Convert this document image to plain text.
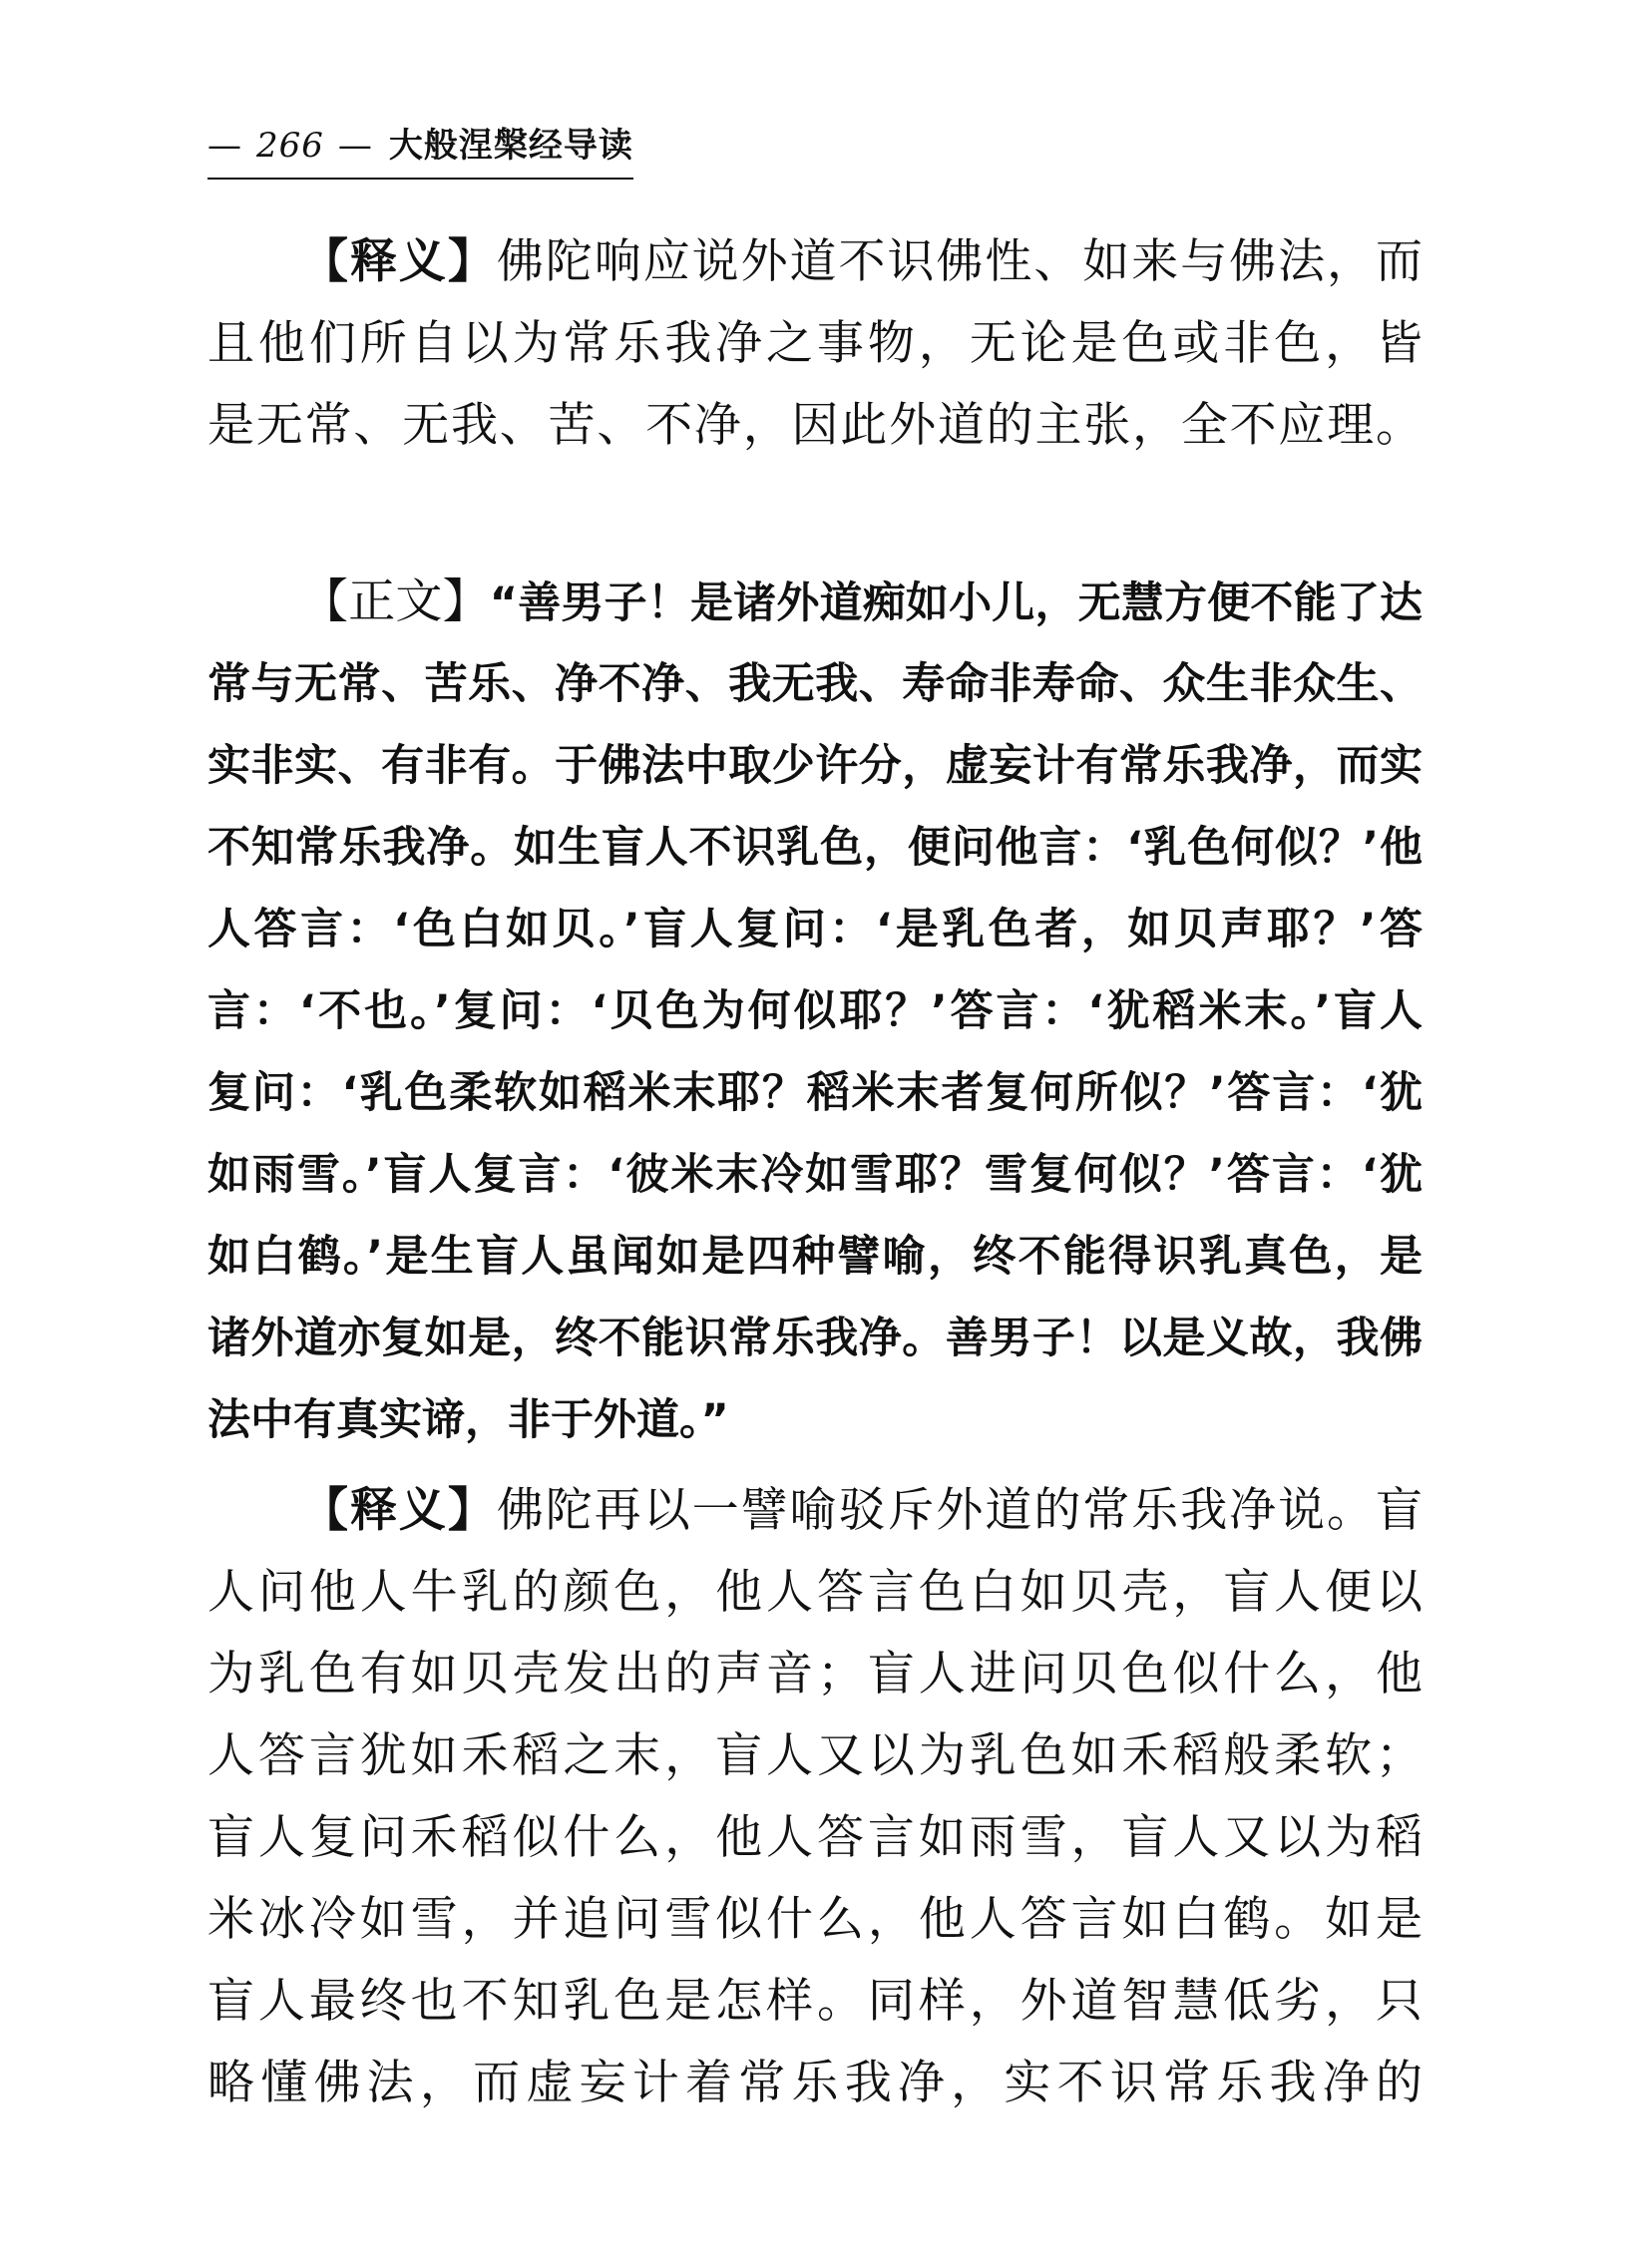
— 266 — 大般涅槃经导读
【释义】佛陀响应说外道不识佛性、如来与佛法，而
且他们所自以为常乐我净之事物，无论是色或非色，皆
是无常、无我、苦、不净，因此外道的主张，全不应理。
【正文】“善男子！是诸外道痴如小儿，无慧方便不能了达
常与无常、苦乐、净不净、我无我、寿命非寿命、众生非众生、
实非实、有非有。于佛法中取少许分，虚妄计有常乐我净，而实
不知常乐我净。如生盲人不识乳色，便问他言：‘乳色何似？’他
人答言：‘色白如贝。’盲人复问：‘是乳色者，如贝声耶？’答
言：‘不也。’复问：‘贝色为何似耶？’答言：‘犹稻米末。’盲人
复问：‘乳色柔软如稻米末耶？稻米末者复何所似？’答言：‘犹
如雨雪。’盲人复言：‘彼米末冷如雪耶？雪复何似？’答言：‘犹
如白鹤。’是生盲人虽闻如是四种譬喻，终不能得识乳真色，是
诸外道亦复如是，终不能识常乐我净。善男子！以是义故，我佛
法中有真实谛，非于外道。”
【释义】佛陀再以一譬喻驳斥外道的常乐我净说。盲
人问他人牛乳的颜色，他人答言色白如贝壳，盲人便以
为乳色有如贝壳发出的声音；盲人进问贝色似什么，他
人答言犹如禾稻之末，盲人又以为乳色如禾稻般柔软；
盲人复问禾稻似什么，他人答言如雨雪，盲人又以为稻
米冰冷如雪，并追问雪似什么，他人答言如白鹤。如是
盲人最终也不知乳色是怎样。同样，外道智慧低劣，只
略懂佛法，而虚妄计着常乐我净，实不识常乐我净的
